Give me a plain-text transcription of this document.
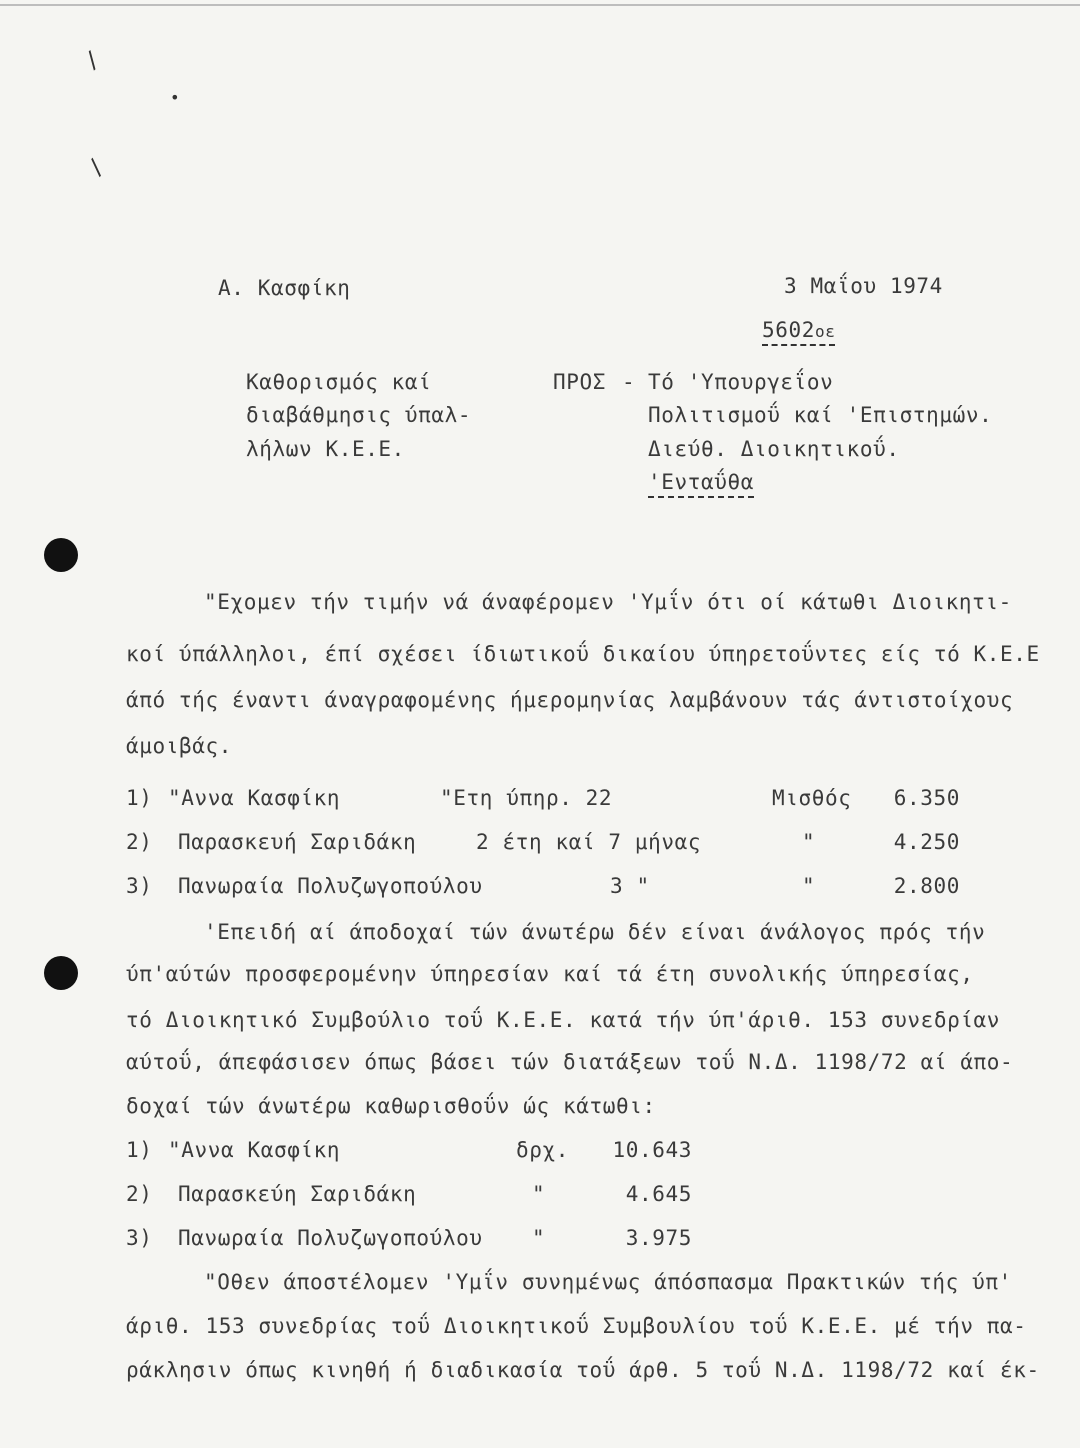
/
•
/
Α. Κασφίκη	3 Μαΐου 1974
5602οε
Καθορισμός καί
διαβάθμησις ύπαλ-
λήλων Κ.Ε.Ε.
ΠΡΟΣ - Τό 'Υπουργεΐον
Πολιτισμοΰ καί 'Επιστημών.
Διεύθ. Διοικητικοΰ.
'Ενταΰθα
"Εχομεν τήν τιμήν νά άναφέρομεν 'Υμΐν ότι οί κάτωθι Διοικητι-
κοί ύπάλληλοι, έπί σχέσει ίδιωτικοΰ δικαίου ύπηρετοΰντες είς τό Κ.Ε.Ε
άπό τής έναντι άναγραφομένης ήμερομηνίας λαμβάνουν τάς άντιστοίχους
άμοιβάς.
1) "Αννα Κασφίκη	"Ετη ύπηρ. 22	Μισθός	6.350
2) Παρασκευή Σαριδάκη	2 έτη καί 7 μήνας	"	4.250
3) Πανωραία Πολυζωγοπούλου	3 "	"	2.800
'Επειδή αί άποδοχαί τών άνωτέρω δέν είναι άνάλογος πρός τήν
ύπ'αύτών προσφερομένην ύπηρεσίαν καί τά έτη συνολικής ύπηρεσίας,
τό Διοικητικό Συμβούλιο τοΰ Κ.Ε.Ε. κατά τήν ύπ'άριθ. 153 συνεδρίαν
αύτοΰ, άπεφάσισεν όπως βάσει τών διατάξεων τοΰ Ν.Δ. 1198/72 αί άπο-
δοχαί τών άνωτέρω καθωρισθοΰν ώς κάτωθι:
1) "Αννα Κασφίκη	δρχ.	10.643
2) Παρασκεύη Σαριδάκη	"	4.645
3) Πανωραία Πολυζωγοπούλου "	3.975
"Οθεν άποστέλομεν 'Υμΐν συνημένως άπόσπασμα Πρακτικών τής ύπ'
άριθ. 153 συνεδρίας τοΰ Διοικητικοΰ Συμβουλίου τοΰ Κ.Ε.Ε. μέ τήν πα-
ράκλησιν όπως κινηθή ή διαδικασία τοΰ άρθ. 5 τοΰ Ν.Δ. 1198/72 καί έκ-
